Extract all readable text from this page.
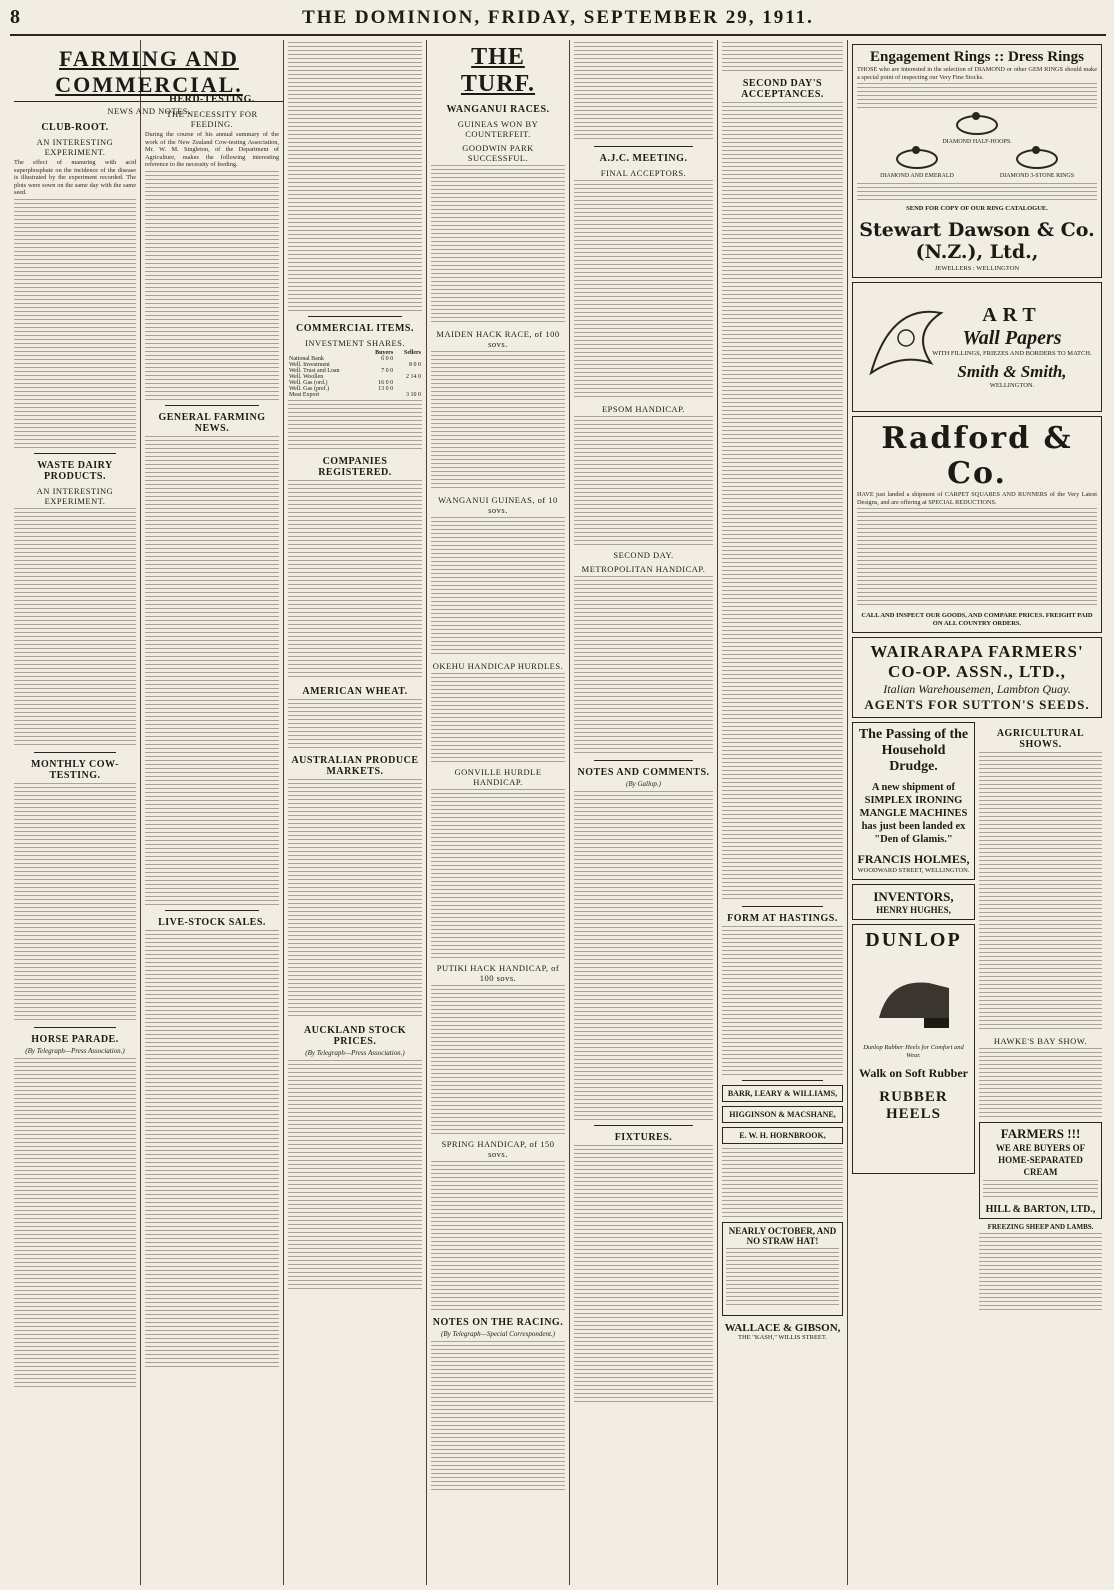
8	THE DOMINION, FRIDAY, SEPTEMBER 29, 1911.
FARMING AND COMMERCIAL.
NEWS AND NOTES.
CLUB-ROOT.
AN INTERESTING EXPERIMENT.

The effect of manuring with acid superphosphate on the incidence of the disease is illustrated by the experiment recorded. The plots were sown on the same day with the same seed.

WASTE DAIRY PRODUCTS.
AN INTERESTING EXPERIMENT.
MONTHLY COW-TESTING.
HORSE PARADE.

(By Telegraph—Press Association.)

HERD-TESTING.
THE NECESSITY FOR FEEDING.

During the course of his annual summary of the work of the New Zealand Cow-testing Association, Mr. W. M. Singleton, of the Department of Agriculture, makes the following interesting reference to the necessity of feeding.

GENERAL FARMING NEWS.
LIVE-STOCK SALES.
COMMERCIAL ITEMS.
INVESTMENT SHARES.
	Buyers	Sellers
National Bank	6 0 0	
Well. Investment		8 0 0
Well. Trust and Loan	7 0 0	
Well. Woollen		2 14 0
Well. Gas (ord.)	16 0 0	
Well. Gas (pref.)	13 0 0	
Meat Export		3 10 0
COMPANIES REGISTERED.
AMERICAN WHEAT.
AUSTRALIAN PRODUCE MARKETS.
AUCKLAND STOCK PRICES.

(By Telegraph—Press Association.)

THE TURF.
WANGANUI RACES.
GUINEAS WON BY COUNTERFEIT.
GOODWIN PARK SUCCESSFUL.
MAIDEN HACK RACE, of 100 sovs.
WANGANUI GUINEAS, of 10 sovs.
OKEHU HANDICAP HURDLES.
GONVILLE HURDLE HANDICAP.
PUTIKI HACK HANDICAP, of 100 sovs.
SPRING HANDICAP, of 150 sovs.
NOTES ON THE RACING.

(By Telegraph—Special Correspondent.)

A.J.C. MEETING.
FINAL ACCEPTORS.
EPSOM HANDICAP.
SECOND DAY.
METROPOLITAN HANDICAP.
NOTES AND COMMENTS.

(By Gallop.)

FIXTURES.
SECOND DAY'S ACCEPTANCES.
FORM AT HASTINGS.
BARR, LEARY & WILLIAMS,
HIGGINSON & MACSHANE,
E. W. H. HORNBROOK,
NEARLY OCTOBER, AND NO STRAW HAT!
WALLACE & GIBSON,
THE "KASH," WILLIS STREET.
Engagement Rings :: Dress Rings

THOSE who are interested in the selection of DIAMOND or other GEM RINGS should make a special point of inspecting our Very Fine Stocks.

DIAMOND HALF-HOOPS.
DIAMOND AND EMERALD	DIAMOND 3-STONE RINGS
SEND FOR COPY OF OUR RING CATALOGUE.
Stewart Dawson & Co. (N.Z.), Ltd.,
JEWELLERS : WELLINGTON
ART
Wall Papers
WITH FILLINGS, FRIEZES AND BORDERS TO MATCH.
Smith & Smith,
WELLINGTON.
Radford & Co.

HAVE just landed a shipment of CARPET SQUARES AND RUNNERS of the Very Latest Designs, and are offering at SPECIAL REDUCTIONS.

CALL AND INSPECT OUR GOODS, AND COMPARE PRICES. FREIGHT PAID ON ALL COUNTRY ORDERS.
WAIRARAPA FARMERS' CO-OP. ASSN., LTD.,
Italian Warehousemen, Lambton Quay.
AGENTS FOR SUTTON'S SEEDS.
The Passing of the Household Drudge.
A new shipment of SIMPLEX IRONING MANGLE MACHINES has just been landed ex "Den of Glamis."
FRANCIS HOLMES,
WOODWARD STREET, WELLINGTON.
INVENTORS,
HENRY HUGHES,
DUNLOP
Dunlop Rubber Heels for Comfort and Wear.
Walk on Soft Rubber
RUBBER HEELS
AGRICULTURAL SHOWS.
HAWKE'S BAY SHOW.
FARMERS !!!
WE ARE BUYERS OF HOME-SEPARATED CREAM
HILL & BARTON, LTD.,
FREEZING SHEEP AND LAMBS.
